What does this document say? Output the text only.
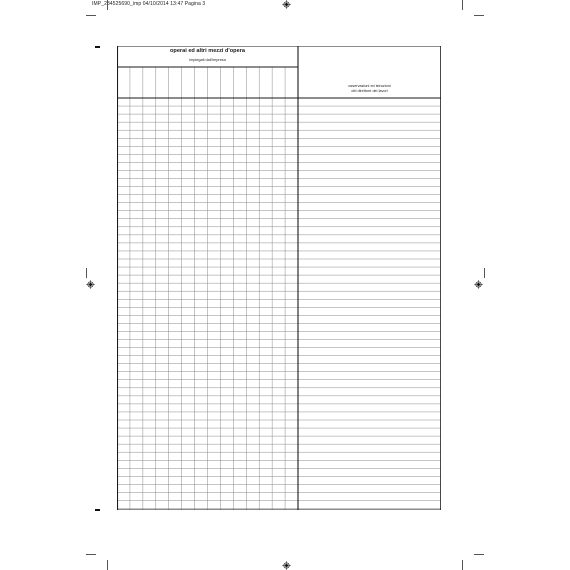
IMP_234525690_imp 04/10/2014 13:47 Pagina 3
operai ed altri mezzi d'opera
impiegati dall'impresa
osservazioni ed istruzioni
del direttore dei lavori
